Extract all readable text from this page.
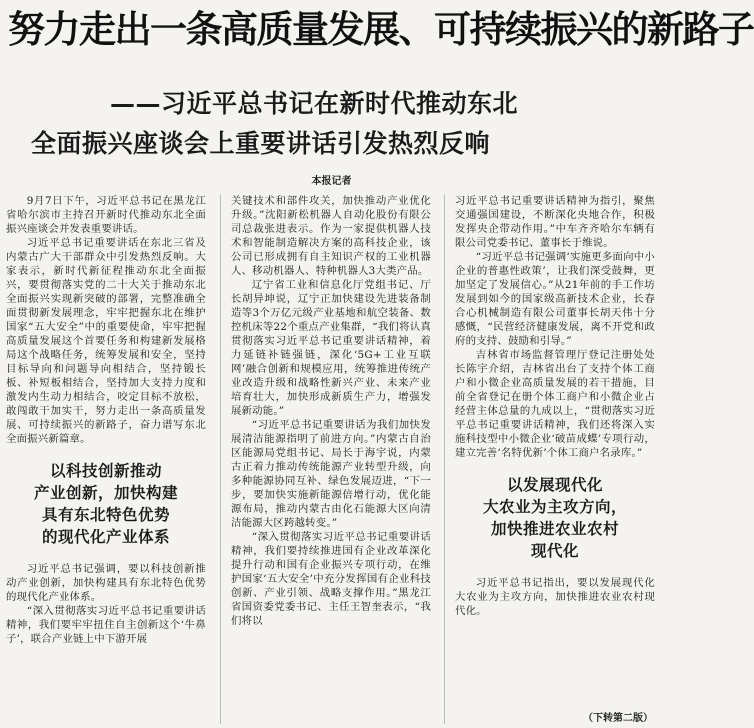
努力走出一条高质量发展、可持续振兴的新路子
——习近平总书记在新时代推动东北
全面振兴座谈会上重要讲话引发热烈反响
本报记者

9月7日下午，习近平总书记在黑龙江省哈尔滨市主持召开新时代推动东北全面振兴座谈会并发表重要讲话。

习近平总书记重要讲话在东北三省及内蒙古广大干部群众中引发热烈反响。大家表示，新时代新征程推动东北全面振兴，要贯彻落实党的二十大关于推动东北全面振兴实现新突破的部署，完整准确全面贯彻新发展理念，牢牢把握东北在维护国家“五大安全”中的重要使命，牢牢把握高质量发展这个首要任务和构建新发展格局这个战略任务，统筹发展和安全，坚持目标导向和问题导向相结合，坚持锻长板、补短板相结合，坚持加大支持力度和激发内生动力相结合，咬定目标不放松，敢闯敢干加实干，努力走出一条高质量发展、可持续振兴的新路子，奋力谱写东北全面振兴新篇章。

以科技创新推动
产业创新，加快构建
具有东北特色优势
的现代化产业体系

习近平总书记强调，要以科技创新推动产业创新，加快构建具有东北特色优势的现代化产业体系。

“深入贯彻落实习近平总书记重要讲话精神，我们要牢牢扭住自主创新这个‘牛鼻子’，联合产业链上中下游开展

关键技术和部件攻关，加快推动产业优化升级。”沈阳新松机器人自动化股份有限公司总裁张进表示。作为一家提供机器人技术和智能制造解决方案的高科技企业，该公司已形成拥有自主知识产权的工业机器人、移动机器人、特种机器人3大类产品。

辽宁省工业和信息化厅党组书记、厅长胡异坤说，辽宁正加快建设先进装备制造等3个万亿元级产业基地和航空装备、数控机床等22个重点产业集群，“我们将认真贯彻落实习近平总书记重要讲话精神，着力延链补链强链，深化‘5G+工业互联网’融合创新和规模应用，统筹推进传统产业改造升级和战略性新兴产业、未来产业培育壮大，加快形成新质生产力，增强发展新动能。”

“习近平总书记重要讲话为我们加快发展清洁能源指明了前进方向。”内蒙古自治区能源局党组书记、局长于海宇说，内蒙古正着力推动传统能源产业转型升级，向多种能源协同互补、绿色发展迈进，“下一步，要加快实施新能源倍增行动，优化能源布局，推动内蒙古由化石能源大区向清洁能源大区跨越转变。”

“深入贯彻落实习近平总书记重要讲话精神，我们要持续推进国有企业改革深化提升行动和国有企业振兴专项行动，在维护国家‘五大安全’中充分发挥国有企业科技创新、产业引领、战略支撑作用。”黑龙江省国资委党委书记、主任王智奎表示，“我们将以

习近平总书记重要讲话精神为指引，聚焦交通强国建设，不断深化央地合作，积极发挥央企带动作用。”中车齐齐哈尔车辆有限公司党委书记、董事长于维说。

“习近平总书记强调‘实施更多面向中小企业的普惠性政策’，让我们深受鼓舞，更加坚定了发展信心。”从21年前的手工作坊发展到如今的国家级高新技术企业，长春合心机械制造有限公司董事长胡天伟十分感慨，“民营经济健康发展，离不开党和政府的支持、鼓励和引导。”

吉林省市场监督管理厅登记注册处处长陈宇介绍，吉林省出台了支持个体工商户和小微企业高质量发展的若干措施，目前全省登记在册个体工商户和小微企业占经营主体总量的九成以上，“贯彻落实习近平总书记重要讲话精神，我们还将深入实施科技型中小微企业‘破苗成蝶’专项行动，建立完善‘名特优新’个体工商户名录库。”

以发展现代化
大农业为主攻方向，
加快推进农业农村
现代化

习近平总书记指出，要以发展现代化大农业为主攻方向，加快推进农业农村现代化。

（下转第二版）
